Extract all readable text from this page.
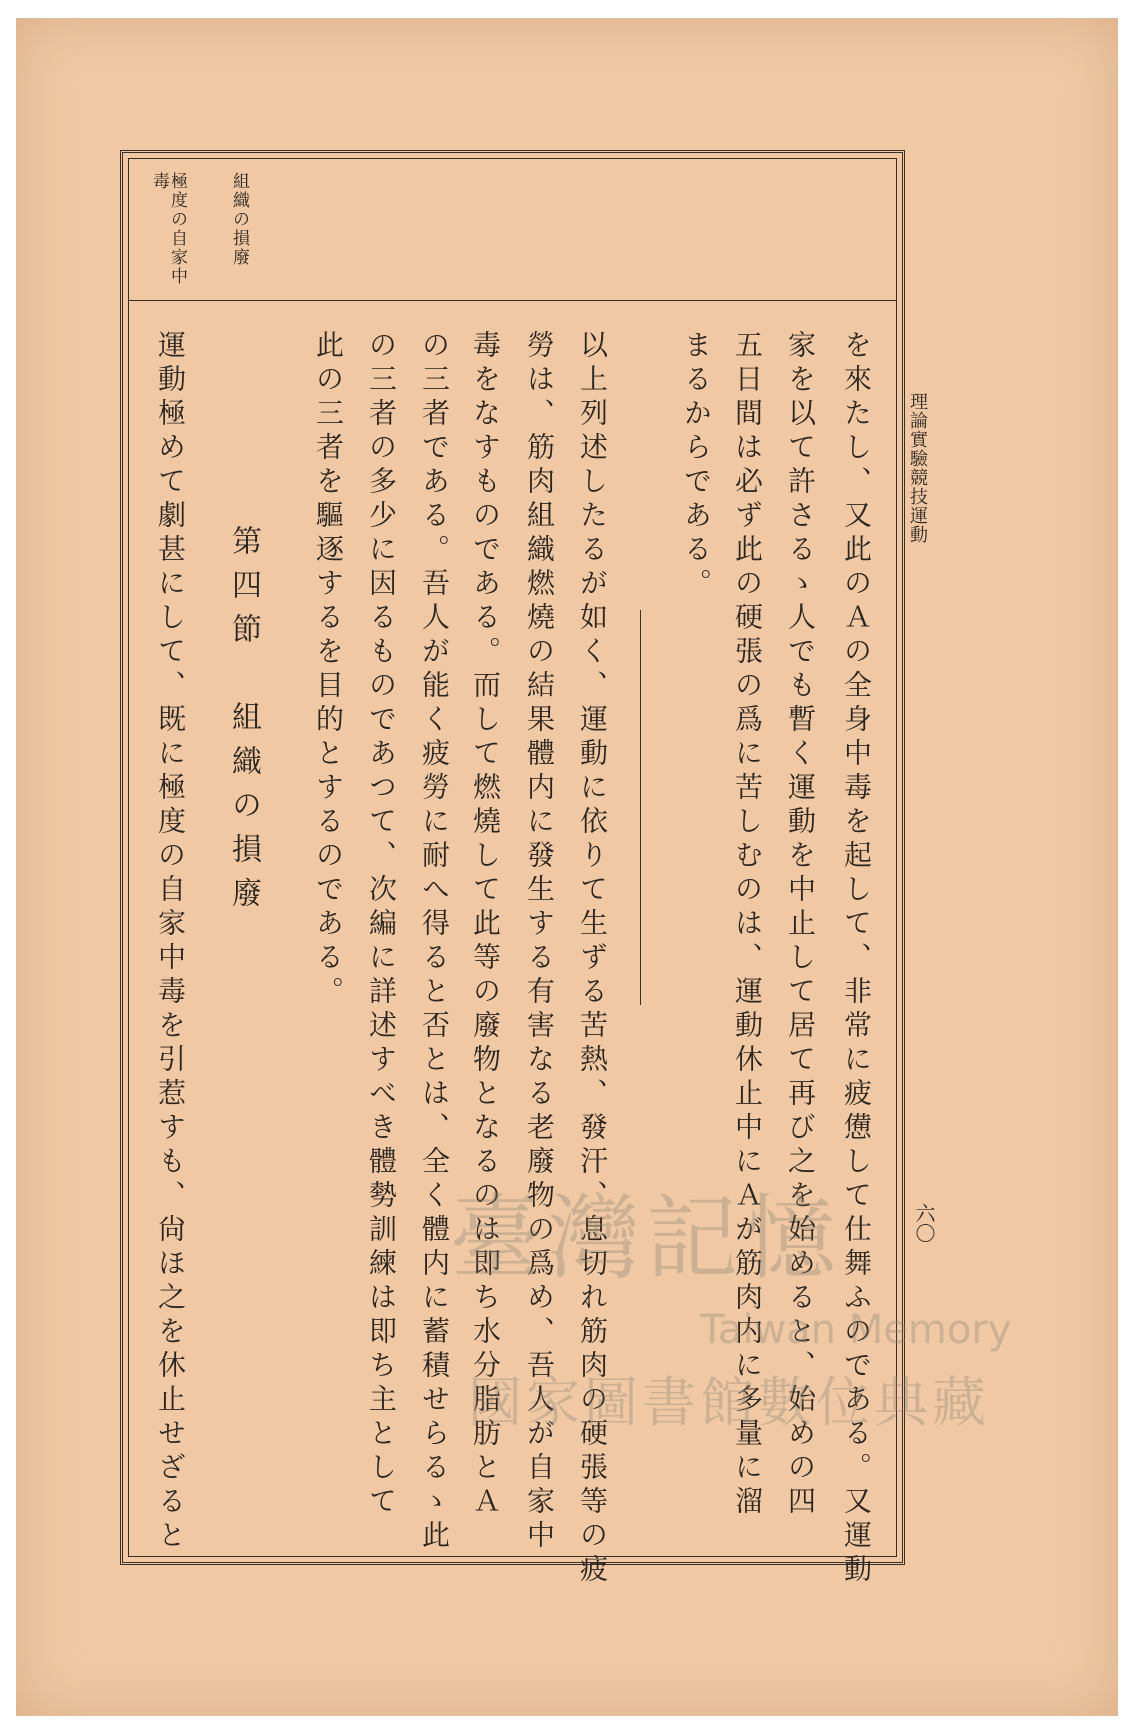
理論實驗競技運動
六〇
組織の損廢
極度の自家中
毒
を來たし、又此のＡの全身中毒を起して、非常に疲憊して仕舞ふのである。又運動
家を以て許さるゝ人でも暫く運動を中止して居て再び之を始めると、始めの四
五日間は必ず此の硬張の爲に苦しむのは、運動休止中にＡが筋肉内に多量に溜
まるからである。
以上列述したるが如く、運動に依りて生ずる苦熱、發汗、息切れ筋肉の硬張等の疲
勞は、筋肉組織燃燒の結果體内に發生する有害なる老廢物の爲め、吾人が自家中
毒をなすものである。而して燃燒して此等の廢物となるのは即ち水分脂肪とＡ
の三者である。吾人が能く疲勞に耐へ得ると否とは、全く體内に蓄積せらるゝ此
の三者の多少に因るものであつて、次編に詳述すべき體勢訓練は即ち主として
此の三者を驅逐するを目的とするのである。
第四節　組織の損廢
運動極めて劇甚にして、既に極度の自家中毒を引惹すも、尙ほ之を休止せざると	臺灣記憶
Taiwan Memory
國家圖書館數位典藏
